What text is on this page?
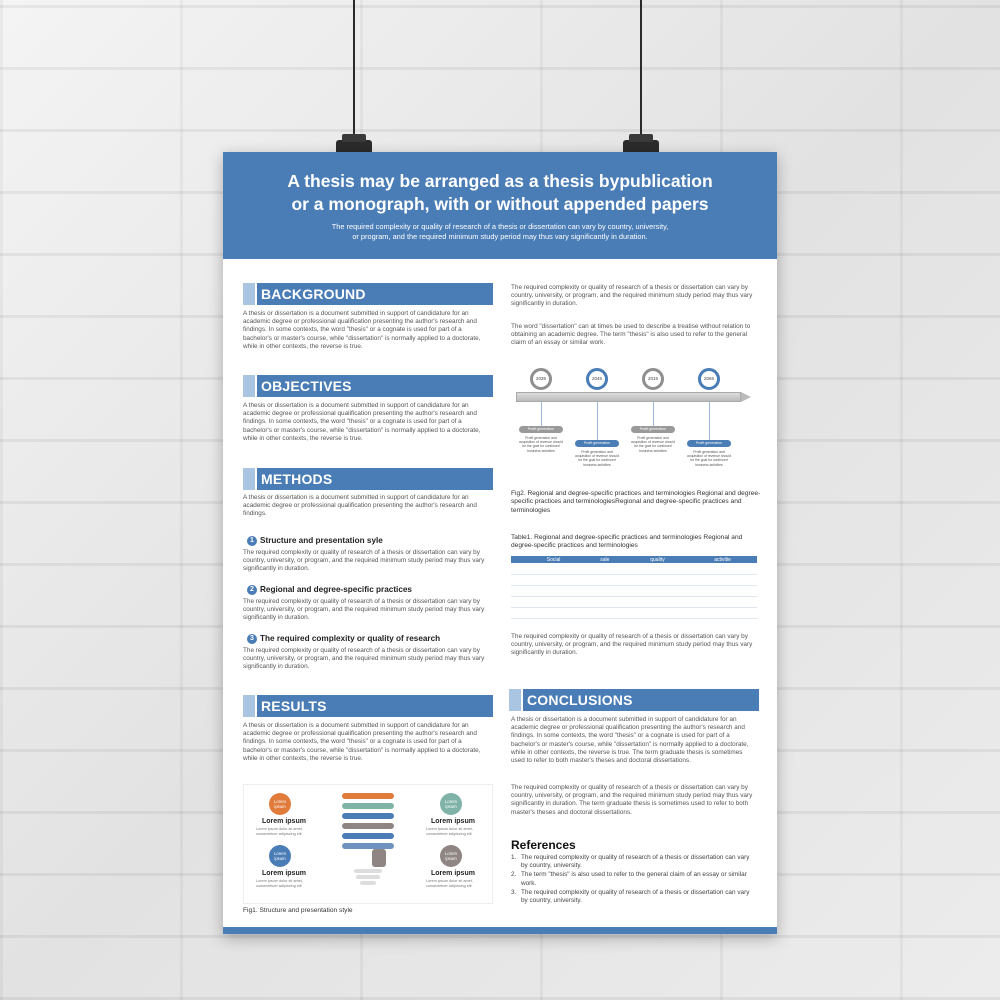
A thesis may be arranged as a thesis bypublication
or a monograph, with or without appended papers
The required complexity or quality of research of a thesis or dissertation can vary by country, university,
or program, and the required minimum study period may thus vary significantly in duration.
BACKGROUND
A thesis or dissertation is a document submitted in support of candidature for an academic degree or professional qualification presenting the author's research and findings. In some contexts, the word "thesis" or a cognate is used for part of a bachelor's or master's course, while "dissertation" is normally applied to a doctorate, while in other contexts, the reverse is true.
OBJECTIVES
A thesis or dissertation is a document submitted in support of candidature for an academic degree or professional qualification presenting the author's research and findings. In some contexts, the word "thesis" or a cognate is used for part of a bachelor's or master's course, while "dissertation" is normally applied to a doctorate, while in other contexts, the reverse is true.
METHODS
A thesis or dissertation is a document submitted in support of candidature for an academic degree or professional qualification presenting the author's research and findings.
1 Structure and presentation syle
The required complexity or quality of research of a thesis or dissertation can vary by country, university, or program, and the required minimum study period may thus vary significantly in duration.
2 Regional and degree-specific practices
The required complexity or quality of research of a thesis or dissertation can vary by country, university, or program, and the required minimum study period may thus vary significantly in duration.
3 The required complexity or quality of research
The required complexity or quality of research of a thesis or dissertation can vary by country, university, or program, and the required minimum study period may thus vary significantly in duration.
RESULTS
A thesis or dissertation is a document submitted in support of candidature for an academic degree or professional qualification presenting the author's research and findings. In some contexts, the word "thesis" or a cognate is used for part of a bachelor's or master's course, while "dissertation" is normally applied to a doctorate, while in other contexts, the reverse is true.
Lorem ipsum
Lorem ipsum
Lorem ipsum dolor sit amet, consectetuer adipiscing elit
Lorem ipsum
Lorem ipsum
Lorem ipsum dolor sit amet, consectetuer adipiscing elit
Lorem ipsum
Lorem ipsum
Lorem ipsum dolor sit amet, consectetuer adipiscing elit
Lorem ipsum
Lorem ipsum
Lorem ipsum dolor sit amet, consectetuer adipiscing elit
Fig1. Structure and presentation style
The required complexity or quality of research of a thesis or dissertation can vary by country, university, or program, and the required minimum study period may thus vary significantly in duration.
The word "dissertation" can at times be used to describe a treatise without relation to obtaining an academic degree. The term "thesis" is also used to refer to the general claim of an essay or similar work.
2035	2045	2015	2065
Profit generation
Profit generation and acquisition of revenue should be the goal for continued business activities
Profit generation
Profit generation and acquisition of revenue should be the goal for continued business activities
Profit generation
Profit generation and acquisition of revenue should be the goal for continued business activities
Profit generation
Profit generation and acquisition of revenue should be the goal for continued business activities
Fig2. Regional and degree-specific practices and terminologies Regional and degree-specific practices and terminologiesRegional and degree-specific practices and terminologies
Table1. Regional and degree-specific practices and terminologies Regional and degree-specific practices and terminologies
	Social	sale	quality	activitie

The required complexity or quality of research of a thesis or dissertation can vary by country, university, or program, and the required minimum study period may thus vary significantly in duration.
CONCLUSIONS
A thesis or dissertation is a document submitted in support of candidature for an academic degree or professional qualification presenting the author's research and findings. In some contexts, the word "thesis" or a cognate is used for part of a bachelor's or master's course, while "dissertation" is normally applied to a doctorate, while in other contexts, the reverse is true. The term graduate thesis is sometimes used to refer to both master's theses and doctoral dissertations.
The required complexity or quality of research of a thesis or dissertation can vary by country, university, or program, and the required minimum study period may thus vary significantly in duration. The term graduate thesis is sometimes used to refer to both master's theses and doctoral dissertations.
References
1. The required complexity or quality of research of a thesis or dissertation can vary by country, university.
2. The term "thesis" is also used to refer to the general claim of an essay or similar work.
3. The required complexity or quality of research of a thesis or dissertation can vary by country, university.
